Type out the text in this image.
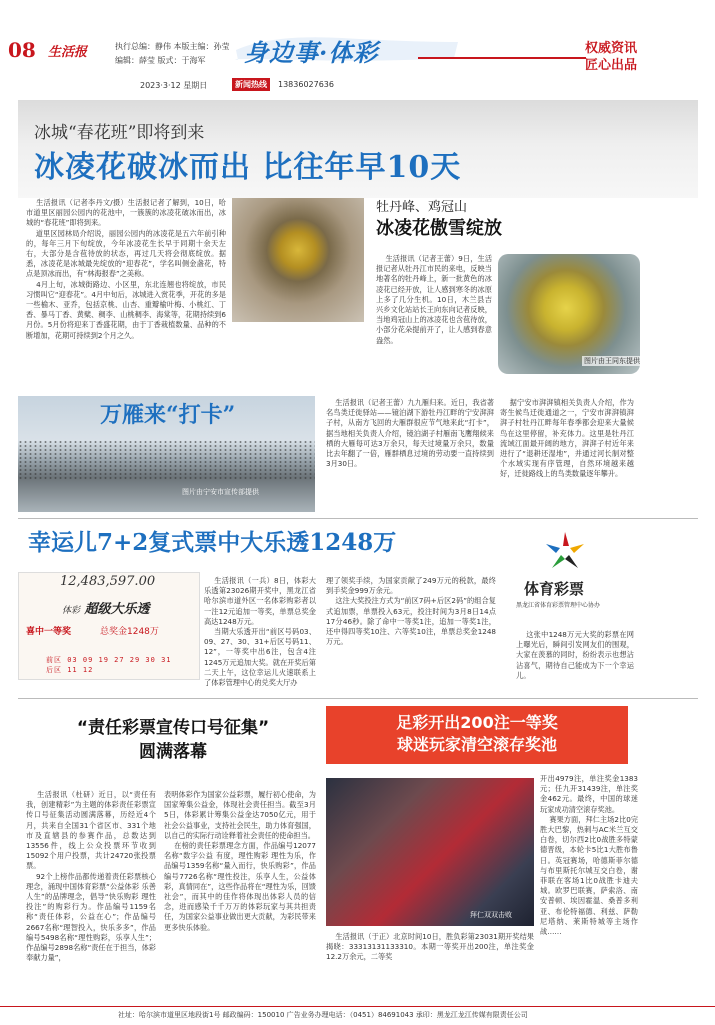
08 生活报	执行总编：静伟 本版主编：孙莹
编辑：薛莹 版式：于海军	身边事·体彩	权威资讯
匠心出品
2023·3·12 星期日	新闻热线	13836027636
冰城“春花班”即将到来
冰凌花破冰而出 比往年早10天
生活报讯（记者李丹文/摄）生活报记者了解到，10日，哈市道里区丽园公园内的花池中，一簇簇的冰凌花破冰而出，冰城的“春花班”即将到来。
道里区园林局介绍说，丽园公园内的冰凌花是五六年前引种的，每年三月下旬绽放，今年冰凌花生长早于同期十余天左右，大部分是含苞待放的状态，再过几天将会彻底绽放。据悉，冰凌花是冰城最先绽放的“迎春花”，学名叫侧金盏花，特点是顶冰而出，有“林海报春”之美称。
4月上旬，冰城街路边、小区里，东北连翘也将绽放，市民习惯叫它“迎春花”。4月中旬后，冰城进入赏花季，开花的多是一些榆木、亚乔，包括京桃、山杏、重瓣榆叶梅、小桃红、丁香、暴马丁香、黄檗、稠李、山桃稠李、海棠等，花期持续到6月份。5月份将迎来丁香盛花期，由于丁香栽植数量、品种的不断增加，花期可持续到2个月之久。
牡丹峰、鸡冠山
冰凌花傲雪绽放
生活报讯（记者王蕾）9日，生活报记者从牡丹江市民的来电，反映当地著名的牡丹峰上，新一批黄色的冰凌花已经开放，让人感到寒冬的冰原上多了几分生机。10日，木兰县吉兴乡文化站站长王向东向记者反映，当地鸡冠山上的冰凌花也含苞待放，小部分花朵提前开了，让人感到春意盎然。
图片由王同东提供
万雁来“打卡”
图片由宁安市宣传部提供
生活报讯（记者王蕾）九九雁归来。近日，我省著名鸟类迁徙驿站——镜泊湖下游牡丹江畔的宁安湃湃子村，从南方飞回的大雁群很应节气地来此“打卡”，据当地相关负责人介绍，镜泊湖子村雁南飞鹰翔候来栖的大雁每可达3万余只，每天过境量万余只，数量比去年翻了一倍，雁群栖息过境的劳动要一直持续到3月30日。
据宁安市湃湃镇相关负责人介绍，作为寄生候鸟迁徙通道之一，宁安市湃湃镇湃湃子村牡丹江畔每年春季都会迎来大量候鸟在这里停留，补充体力。这里是牡丹江流域江面最开阔的地方，湃湃子村近年来进行了“退耕还湿地”，并通过河长制对整个水域实现有序管理，自然环境越来越好，迁徙路线上的鸟类数量逐年攀升。
幸运儿7+2复式票中大乐透1248万
12,483,597.00
体彩 超级大乐透
喜中一等奖	总奖金1248万
前区 03 09 19 27 29 30 31
后区 11 12
生活报讯（一兵）8日，体彩大乐透第23026期开奖中，黑龙江省哈尔滨市道外区一名体彩购彩者以一注12元追加一等奖，单票总奖金高达1248万元。
当期大乐透开出“前区号码03、09、27、30、31+后区号码11、12”，一等奖中出6注，包含4注1245万元追加大奖。就在开奖后第二天上午，这位幸运儿火速联系上了体彩管理中心的兑奖大厅办
理了领奖手续，为国家贡献了249万元的税款，最终到手奖金999万余元。
这注大奖投注方式为“前区7码+后区2码”的组合复式追加票，单票投入63元，投注时间为3月8日14点17分46秒。除了命中一等奖1注，追加一等奖1注，还中得四等奖10注、六等奖10注，单票总奖金1248万元。
体育彩票
黑龙江省体育彩票管理中心协办
这张中1248万元大奖的彩票在网上曝光后，瞬间引发网友们的围观，大家在羡慕的同时，纷纷表示也想沾沾喜气，期待自己能成为下一个幸运儿。
“责任彩票宣传口号征集”
圆满落幕
生活报讯（杜研）近日，以“责任有我，创建精彩”为主题的体彩责任彩票宣传口号征集活动圆满落幕，历经近4个月，共来自全国31个省区市、331个地市及直辖县的参赛作品，总数达到13556件，线上公众投票环节收到15092个用户投票，共计24720张投票票。
92个上榜作品都传递着责任彩票核心理念，涌现中国体育彩票“公益体彩 乐善人生”的品牌理念，倡导“快乐购彩 理性投注”的购彩行为。作品编号1159名称“责任体彩，公益在心”；作品编号2667名称“理智投入，快乐多多”，作品编号5498名称“理性购彩，乐享人生”；作品编号2898名称“责任在于担当，体彩奉献力量”，
表明体彩作为国家公益彩票，履行初心使命，为国家筹集公益金，体现社会责任担当。截至3月5日，体彩累计筹集公益金达7050亿元，用于社会公益事业，支持社会民生，助力体育强国，以自己的实际行动诠释着社会责任的使命担当。
在榜的责任彩票理念方面，作品编号12077名称“数字公益 有度，理性购彩 理性为乐，作品编号1359名称“量入而行，快乐购彩”，作品编号7726名称“理性投注，乐享人生，公益体彩，真情同在”，这些作品将在“理性为乐，回馈社会”，而其中的佳作将体现出体彩人员的信念，进而感染千千万万的体彩玩家与其共担责任，为国家公益事业做出更大贡献，为彩民带来更多快乐体验。
足彩开出200注一等奖
球迷玩家清空滚存奖池
拜仁双双击败
开出4979注，单注奖金1383元；任九开31439注，单注奖金462元。最终，中国的球迷玩家成功清空滚存奖池。
赛果方面，拜仁主场2比0完胜大巴黎，热刺与AC米兰互交白卷，切尔西2比0战胜多特蒙德晋级，本轮卡5比1大胜布鲁日。英冠赛场，哈德斯菲尔德与布里斯托尔城互交白卷，谢菲联在客场1比0战胜卡迪夫城。欧罗巴联赛，萨索洛、南安普顿、埃因霍温、桑普多利亚、布伦特福德、利兹、萨勒尼塔纳、莱斯特城等主场作战……
生活报讯（于正）北京时间10日，胜负彩第23031期开奖结果揭晓：33313131133310。本期一等奖开出200注，单注奖金12.2万余元，二等奖
社址：哈尔滨市道里区地段街1号 邮政编码：150010 广告业务办理电话：（0451）84691043 承印：黑龙江龙江传媒有限责任公司
